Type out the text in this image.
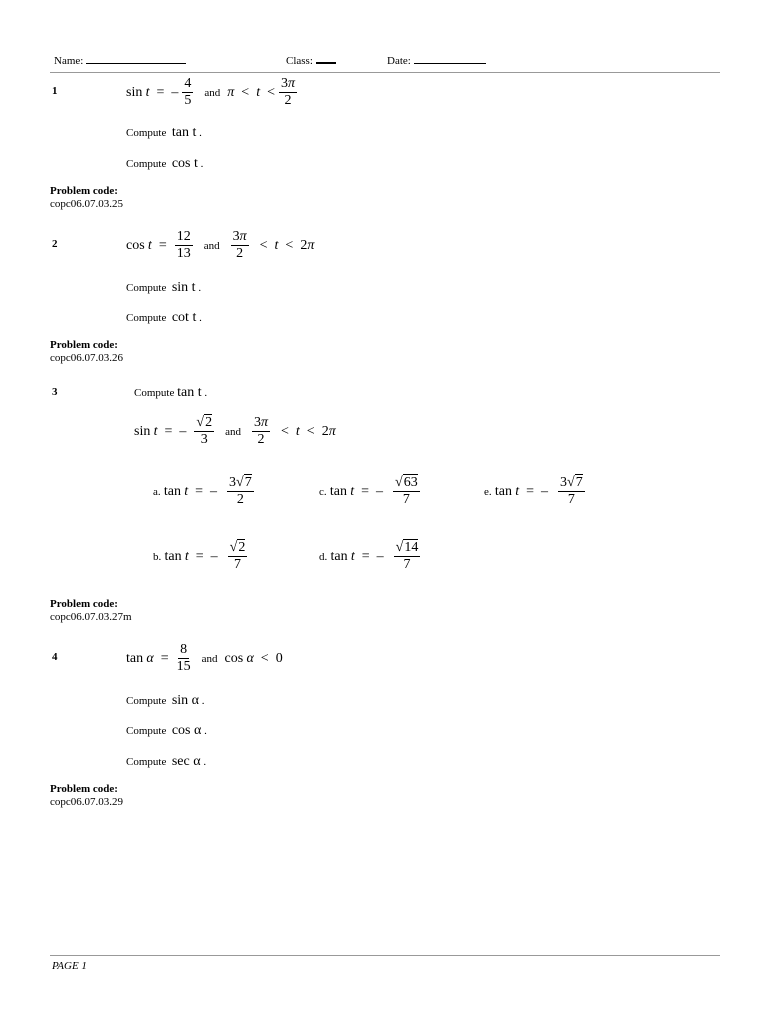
Name:	Class:	Date:
1	sin
t = – $\frac{4}{5}$ and $\pi < t < \frac{3\pi}{2}$
Compute tan t .
Compute cos t .
Problem code:
copc06.07.03.25
2	cos
$t = \frac{12}{13}$ and $\frac{3\pi}{2} < t < 2\pi$
Compute sin t .
Compute cot t .
Problem code:
copc06.07.03.26
3	Compute tan t .
sin
t = – $\frac{√2}{3}$ and $\frac{3\pi}{2} < t < 2\pi$
a.
tan
t = – $\frac{3√7}{2}$
b.
tan
t = – $\frac{√2}{7}$
c.
tan
t = – $\frac{√63}{7}$
d.
tan
t = – $\frac{√14}{7}$
e.
tan
t = – $\frac{3√7}{7}$
Problem code:
copc06.07.03.27m
4	tan
$\alpha = \frac{8}{15}$ and cos
α < 0
Compute sin α .
Compute cos α .
Compute sec α .
Problem code:
copc06.07.03.29
PAGE 1
